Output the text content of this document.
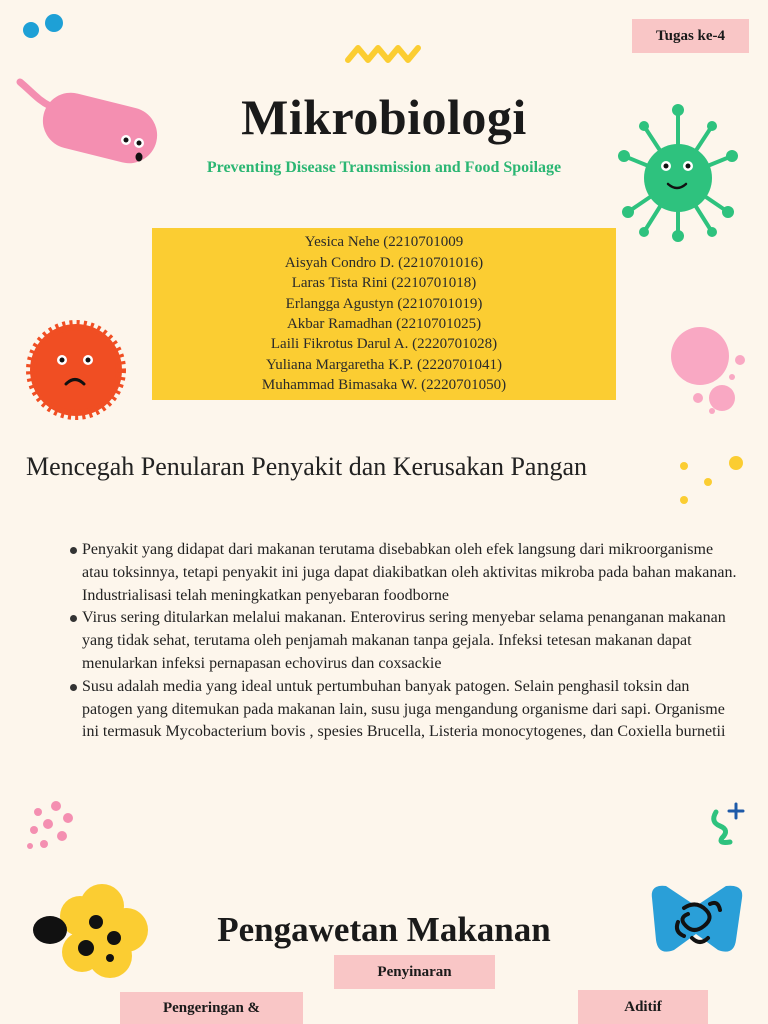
Tugas ke-4
Mikrobiologi
Preventing Disease Transmission and Food Spoilage
Yesica Nehe (2210701009
Aisyah Condro D. (2210701016)
Laras Tista Rini (2210701018)
Erlangga Agustyn (2210701019)
Akbar Ramadhan (2210701025)
Laili Fikrotus Darul A. (2220701028)
Yuliana Margaretha K.P. (2220701041)
Muhammad Bimasaka W. (2220701050)
Mencegah Penularan Penyakit dan Kerusakan Pangan
Penyakit yang didapat dari makanan terutama disebabkan oleh efek langsung dari mikroorganisme atau toksinnya, tetapi penyakit ini juga dapat diakibatkan oleh aktivitas mikroba pada bahan makanan. Industrialisasi telah meningkatkan penyebaran foodborne
Virus sering ditularkan melalui makanan. Enterovirus sering menyebar selama penanganan makanan yang tidak sehat, terutama oleh penjamah makanan tanpa gejala. Infeksi tetesan makanan dapat menularkan infeksi pernapasan echovirus dan coxsackie
Susu adalah media yang ideal untuk pertumbuhan banyak patogen. Selain penghasil toksin dan patogen yang ditemukan pada makanan lain, susu juga mengandung organisme dari sapi. Organisme ini termasuk Mycobacterium bovis , spesies Brucella, Listeria monocytogenes, dan Coxiella burnetii
Pengawetan Makanan
Penyinaran
Pengeringan &	Aditif
